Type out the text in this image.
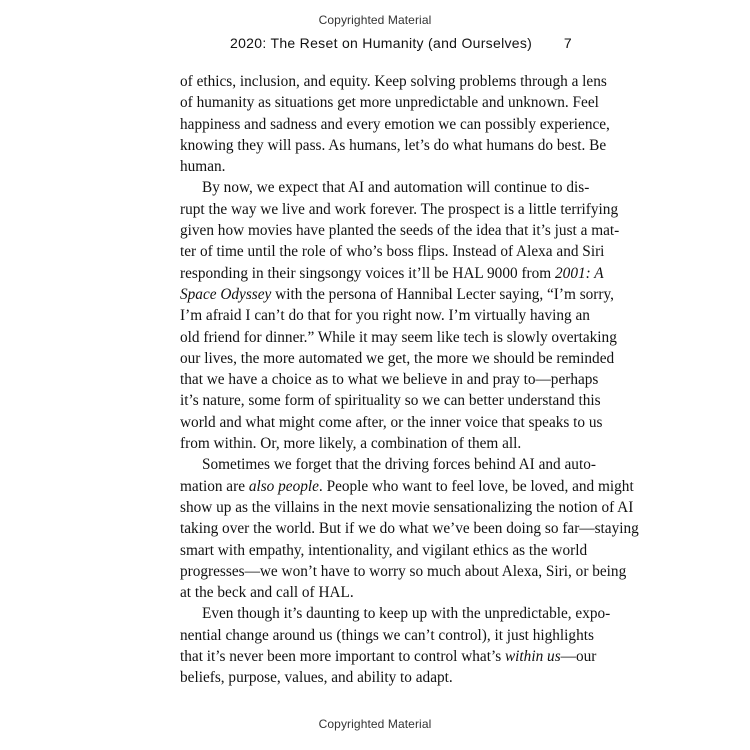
Copyrighted Material
2020: The Reset on Humanity (and Ourselves) 7

of ethics, inclusion, and equity. Keep solving problems through a lens
of humanity as situations get more unpredictable and unknown. Feel
happiness and sadness and every emotion we can possibly experience,
knowing they will pass. As humans, let’s do what humans do best. Be
human.

By now, we expect that AI and automation will continue to dis-
rupt the way we live and work forever. The prospect is a little terrifying
given how movies have planted the seeds of the idea that it’s just a mat-
ter of time until the role of who’s boss flips. Instead of Alexa and Siri
responding in their singsongy voices it’ll be HAL 9000 from 2001: A
Space Odyssey with the persona of Hannibal Lecter saying, “I’m sorry,
I’m afraid I can’t do that for you right now. I’m virtually having an
old friend for dinner.” While it may seem like tech is slowly overtaking
our lives, the more automated we get, the more we should be reminded
that we have a choice as to what we believe in and pray to—perhaps
it’s nature, some form of spirituality so we can better understand this
world and what might come after, or the inner voice that speaks to us
from within. Or, more likely, a combination of them all.

Sometimes we forget that the driving forces behind AI and auto-
mation are also people. People who want to feel love, be loved, and might
show up as the villains in the next movie sensationalizing the notion of AI
taking over the world. But if we do what we’ve been doing so far—staying
smart with empathy, intentionality, and vigilant ethics as the world
progresses—we won’t have to worry so much about Alexa, Siri, or being
at the beck and call of HAL.

Even though it’s daunting to keep up with the unpredictable, expo-
nential change around us (things we can’t control), it just highlights
that it’s never been more important to control what’s within us—our
beliefs, purpose, values, and ability to adapt.

Copyrighted Material
